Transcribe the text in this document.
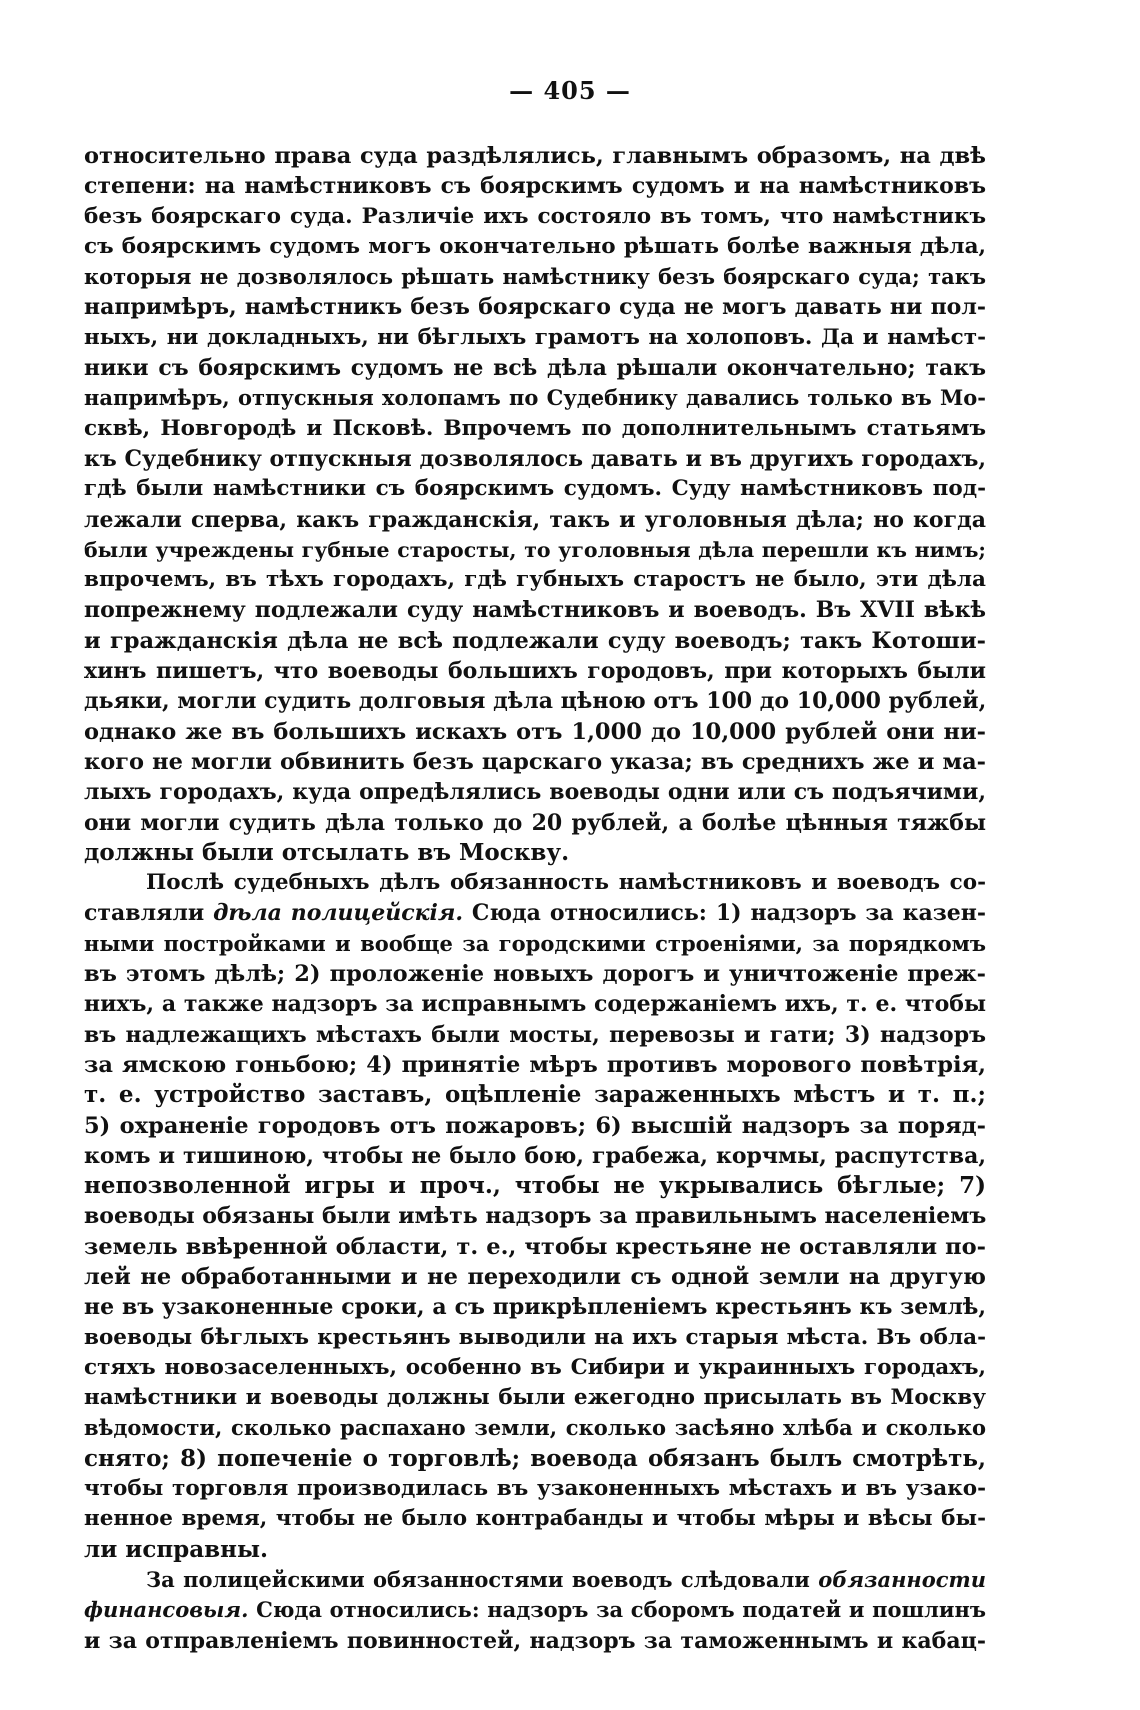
— 405 —
относительно права суда раздѣлялись, главнымъ образомъ, на двѣ
степени: на намѣстниковъ съ боярскимъ судомъ и на намѣстниковъ
безъ боярскаго суда. Различіе ихъ состояло въ томъ, что намѣстникъ
съ боярскимъ судомъ могъ окончательно рѣшать болѣе важныя дѣла,
которыя не дозволялось рѣшать намѣстнику безъ боярскаго суда; такъ
напримѣръ, намѣстникъ безъ боярскаго суда не могъ давать ни пол-
ныхъ, ни докладныхъ, ни бѣглыхъ грамотъ на холоповъ. Да и намѣст-
ники съ боярскимъ судомъ не всѣ дѣла рѣшали окончательно; такъ
напримѣръ, отпускныя холопамъ по Судебнику давались только въ Мо-
сквѣ, Новгородѣ и Псковѣ. Впрочемъ по дополнительнымъ статьямъ
къ Судебнику отпускныя дозволялось давать и въ другихъ городахъ,
гдѣ были намѣстники съ боярскимъ судомъ. Суду намѣстниковъ под-
лежали сперва, какъ гражданскія, такъ и уголовныя дѣла; но когда
были учреждены губные старосты, то уголовныя дѣла перешли къ нимъ;
впрочемъ, въ тѣхъ городахъ, гдѣ губныхъ старостъ не было, эти дѣла
попрежнему подлежали суду намѣстниковъ и воеводъ. Въ XVII вѣкѣ
и гражданскія дѣла не всѣ подлежали суду воеводъ; такъ Котоши-
хинъ пишетъ, что воеводы большихъ городовъ, при которыхъ были
дьяки, могли судить долговыя дѣла цѣною отъ 100 до 10,000 рублей,
однако же въ большихъ искахъ отъ 1,000 до 10,000 рублей они ни-
кого не могли обвинить безъ царскаго указа; въ среднихъ же и ма-
лыхъ городахъ, куда опредѣлялись воеводы одни или съ подъячими,
они могли судить дѣла только до 20 рублей, а болѣе цѣнныя тяжбы
должны были отсылать въ Москву.
Послѣ судебныхъ дѣлъ обязанность намѣстниковъ и воеводъ со-
ставляли дѣла полицейскія. Сюда относились: 1) надзоръ за казен-
ными постройками и вообще за городскими строеніями, за порядкомъ
въ этомъ дѣлѣ; 2) проложеніе новыхъ дорогъ и уничтоженіе преж-
нихъ, а также надзоръ за исправнымъ содержаніемъ ихъ, т. е. чтобы
въ надлежащихъ мѣстахъ были мосты, перевозы и гати; 3) надзоръ
за ямскою гоньбою; 4) принятіе мѣръ противъ морового повѣтрія,
т. е. устройство заставъ, оцѣпленіе зараженныхъ мѣстъ и т. п.;
5) охраненіе городовъ отъ пожаровъ; 6) высшій надзоръ за поряд-
комъ и тишиною, чтобы не было бою, грабежа, корчмы, распутства,
непозволенной игры и проч., чтобы не укрывались бѣглые; 7)
воеводы обязаны были имѣть надзоръ за правильнымъ населеніемъ
земель ввѣренной области, т. е., чтобы крестьяне не оставляли по-
лей не обработанными и не переходили съ одной земли на другую
не въ узаконенные сроки, а съ прикрѣпленіемъ крестьянъ къ землѣ,
воеводы бѣглыхъ крестьянъ выводили на ихъ старыя мѣста. Въ обла-
стяхъ новозаселенныхъ, особенно въ Сибири и украинныхъ городахъ,
намѣстники и воеводы должны были ежегодно присылать въ Москву
вѣдомости, сколько распахано земли, сколько засѣяно хлѣба и сколько
снято; 8) попеченіе о торговлѣ; воевода обязанъ былъ смотрѣть,
чтобы торговля производилась въ узаконенныхъ мѣстахъ и въ узако-
ненное время, чтобы не было контрабанды и чтобы мѣры и вѣсы бы-
ли исправны.
За полицейскими обязанностями воеводъ слѣдовали обязанности
финансовыя. Сюда относились: надзоръ за сборомъ податей и пошлинъ
и за отправленіемъ повинностей, надзоръ за таможеннымъ и кабац-
